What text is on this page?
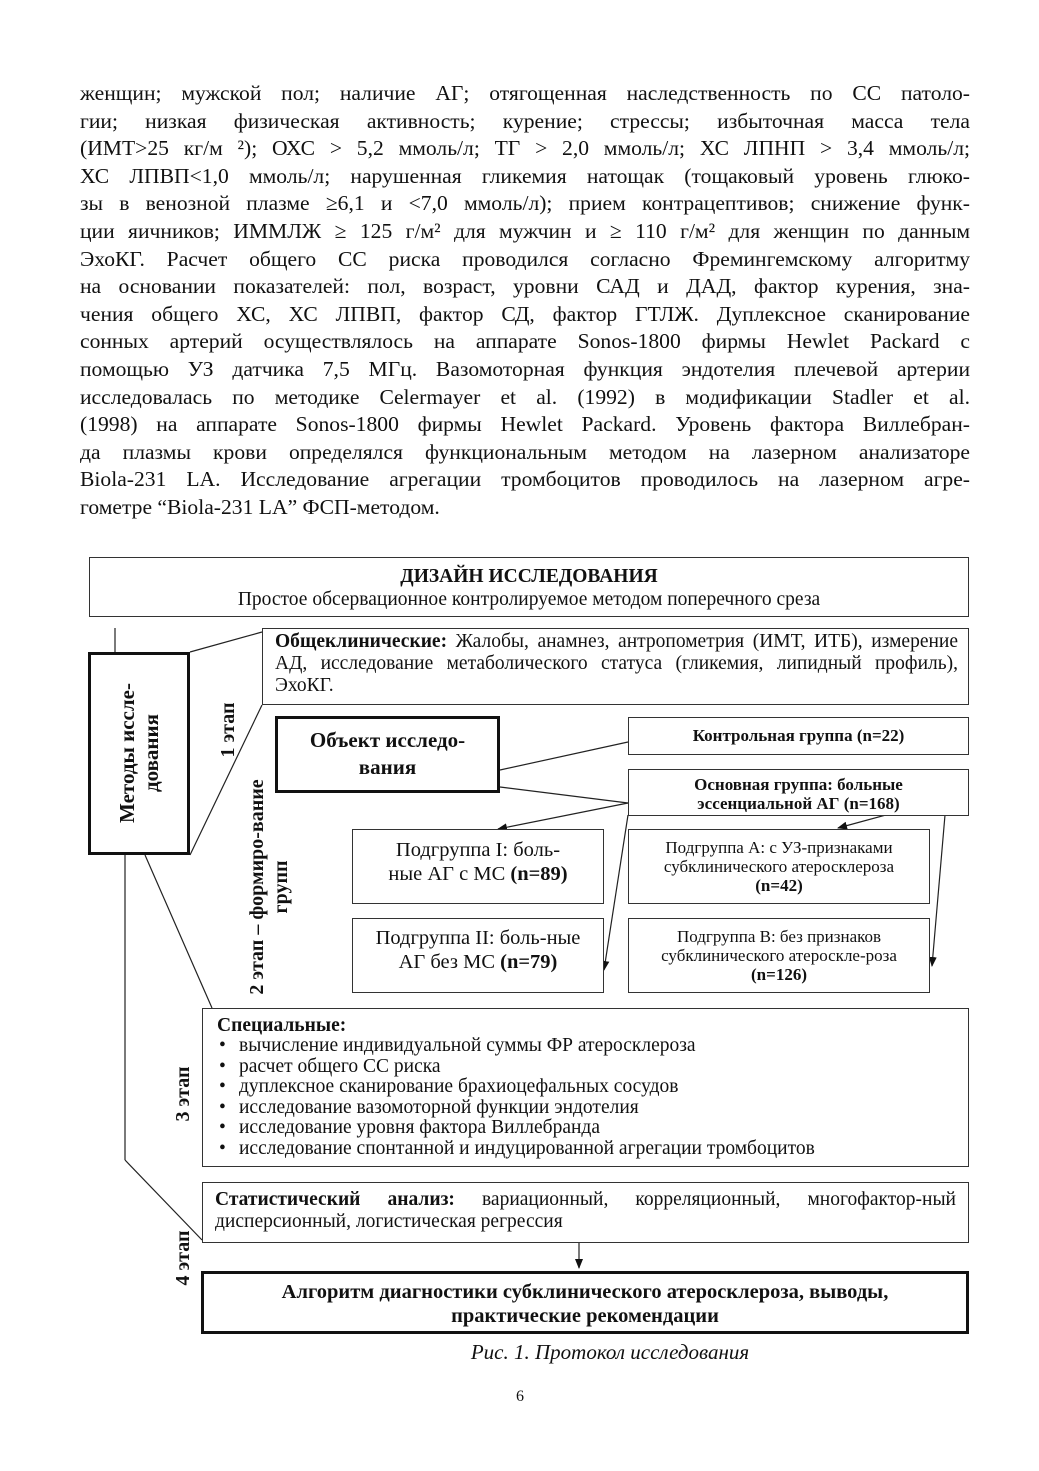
женщин; мужской пол; наличие АГ; отягощенная наследственность по СС патоло-
гии; низкая физическая активность; курение; стрессы; избыточная масса тела
(ИМТ>25 кг/м ²); ОХС > 5,2 ммоль/л; ТГ > 2,0 ммоль/л; ХС ЛПНП > 3,4 ммоль/л;
ХС ЛПВП<1,0 ммоль/л; нарушенная гликемия натощак (тощаковый уровень глюко-
зы в венозной плазме ≥6,1 и <7,0 ммоль/л); прием контрацептивов; снижение функ-
ции яичников; ИММЛЖ ≥ 125 г/м² для мужчин и ≥ 110 г/м² для женщин по данным
ЭхоКГ. Расчет общего СС риска проводился согласно Фремингемскому алгоритму
на основании показателей: пол, возраст, уровни САД и ДАД, фактор курения, зна-
чения общего ХС, ХС ЛПВП, фактор СД, фактор ГТЛЖ. Дуплексное сканирование
сонных артерий осуществлялось на аппарате Sonos-1800 фирмы Hewlet Packard с
помощью УЗ датчика 7,5 МГц. Вазомоторная функция эндотелия плечевой артерии
исследовалась по методике Celermayer et al. (1992) в модификации Stadler et al.
(1998) на аппарате Sonos-1800 фирмы Hewlet Packard. Уровень фактора Виллебран-
да плазмы крови определялся функциональным методом на лазерном анализаторе
Biola-231 LA. Исследование агрегации тромбоцитов проводилось на лазерном агре-
гометре “Biola-231 LA” ФСП-методом.
ДИЗАЙН ИССЛЕДОВАНИЯ
Простое обсервационное контролируемое методом поперечного среза
Методы иссле-дования	1 этап
2 этап – формиро-вание групп
3 этап
4 этап
Общеклинические: Жалобы, анамнез, антропометрия (ИМТ, ИТБ), измерение АД, исследование метаболического статуса (гликемия, липидный профиль), ЭхоКГ.
Объект исследо-вания
Контрольная группа (n=22)
Основная группа: больные эссенциальной АГ (n=168)
Подгруппа I: боль-ные АГ с МС (n=89)
Подгруппа II: боль-ные АГ без МС (n=79)
Подгруппа А: с УЗ-признаками субклинического атеросклероза (n=42)
Подгруппа В: без признаков субклинического атероскле-роза (n=126)
Специальные:
• вычисление индивидуальной суммы ФР атеросклероза
• расчет общего СС риска
• дуплексное сканирование брахиоцефальных сосудов
• исследование вазомоторной функции эндотелия
• исследование уровня фактора Виллебранда
• исследование спонтанной и индуцированной агрегации тромбоцитов
Статистический анализ: вариационный, корреляционный, многофактор-ный дисперсионный, логистическая регрессия
Алгоритм диагностики субклинического атеросклероза, выводы, практические рекомендации
Рис. 1. Протокол исследования
6
